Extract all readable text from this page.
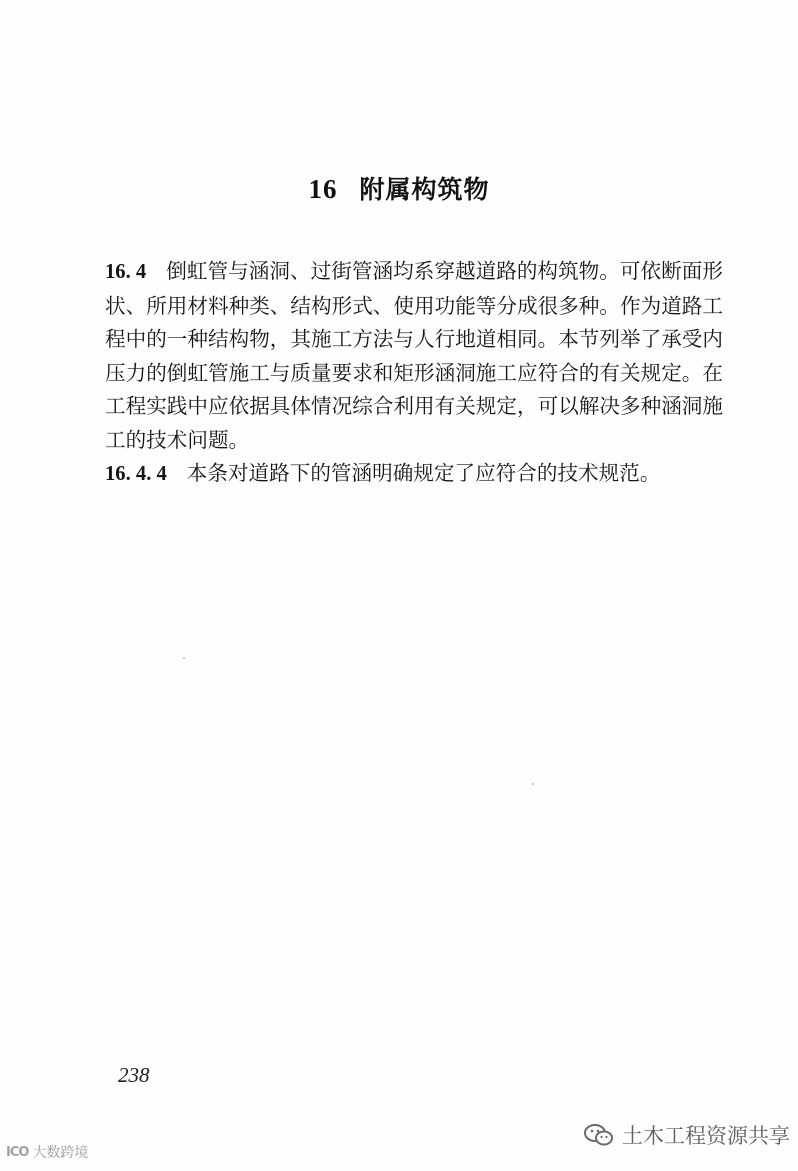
16 附属构筑物

16. 4 倒虹管与涵洞、过街管涵均系穿越道路的构筑物。可依断面形状、所用材料种类、结构形式、使用功能等分成很多种。作为道路工程中的一种结构物，其施工方法与人行地道相同。本节列举了承受内压力的倒虹管施工与质量要求和矩形涵洞施工应符合的有关规定。在工程实践中应依据具体情况综合利用有关规定，可以解决多种涵洞施工的技术问题。

16. 4. 4 本条对道路下的管涵明确规定了应符合的技术规范。

238
ICO 大数跨境
土木工程资源共享
